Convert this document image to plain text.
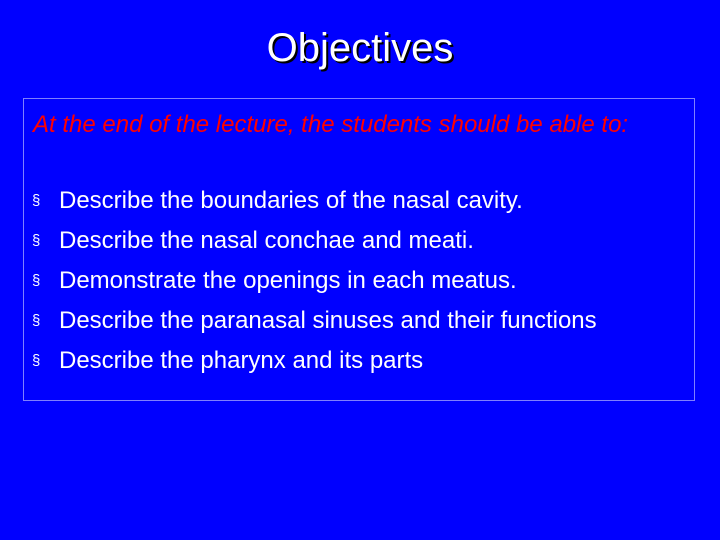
Objectives

At the end of the lecture, the students should be able to:

§ Describe the boundaries of the nasal cavity.
§ Describe the nasal conchae and meati.
§ Demonstrate the openings in each meatus.
§ Describe the paranasal sinuses and their functions
§ Describe the pharynx and its parts
